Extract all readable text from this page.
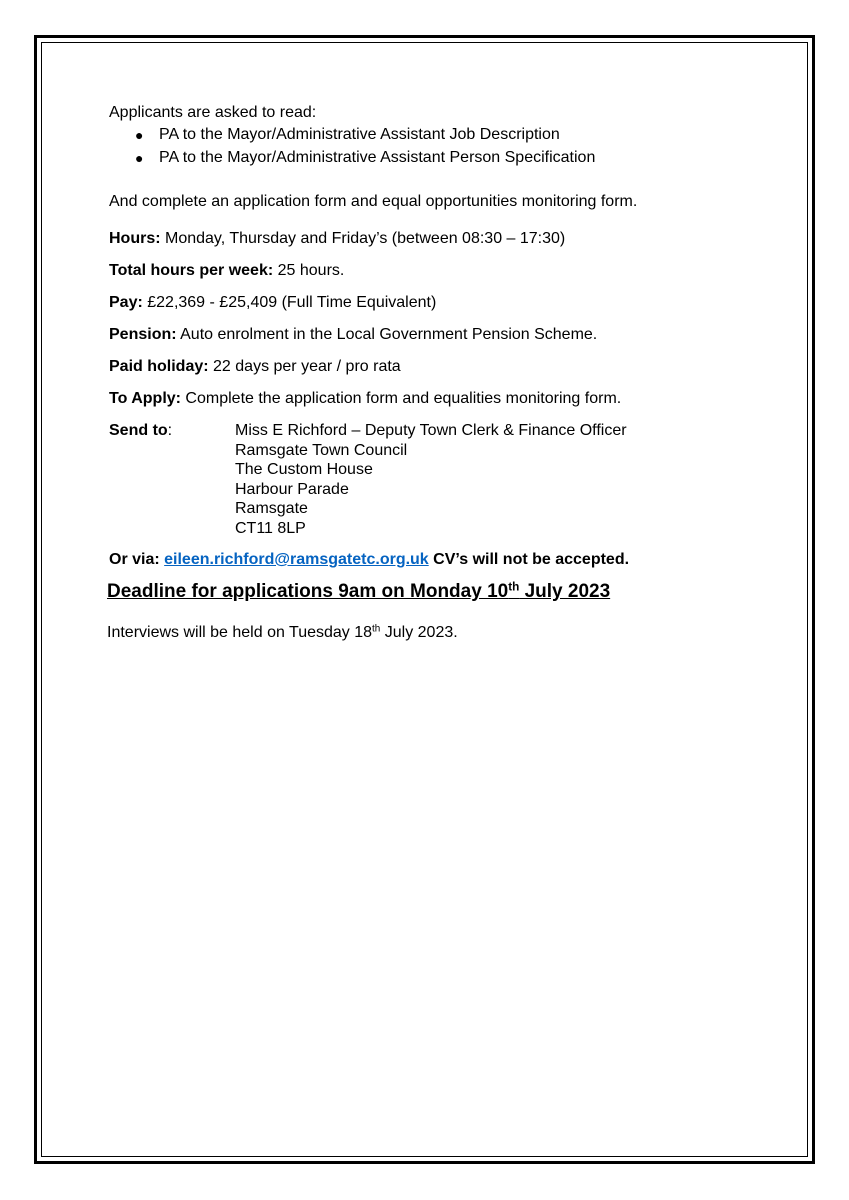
Applicants are asked to read:

● PA to the Mayor/Administrative Assistant Job Description
● PA to the Mayor/Administrative Assistant Person Specification

And complete an application form and equal opportunities monitoring form.

Hours: Monday, Thursday and Friday’s (between 08:30 – 17:30)

Total hours per week: 25 hours.

Pay: £22,369 - £25,409 (Full Time Equivalent)

Pension: Auto enrolment in the Local Government Pension Scheme.

Paid holiday: 22 days per year / pro rata

To Apply: Complete the application form and equalities monitoring form.

Send to:	Miss E Richford – Deputy Town Clerk & Finance Officer
Ramsgate Town Council
The Custom House
Harbour Parade
Ramsgate
CT11 8LP

Or via: eileen.richford@ramsgatetc.org.uk CV’s will not be accepted.

Deadline for applications 9am on Monday 10th July 2023
Interviews will be held on Tuesday 18th July 2023.
